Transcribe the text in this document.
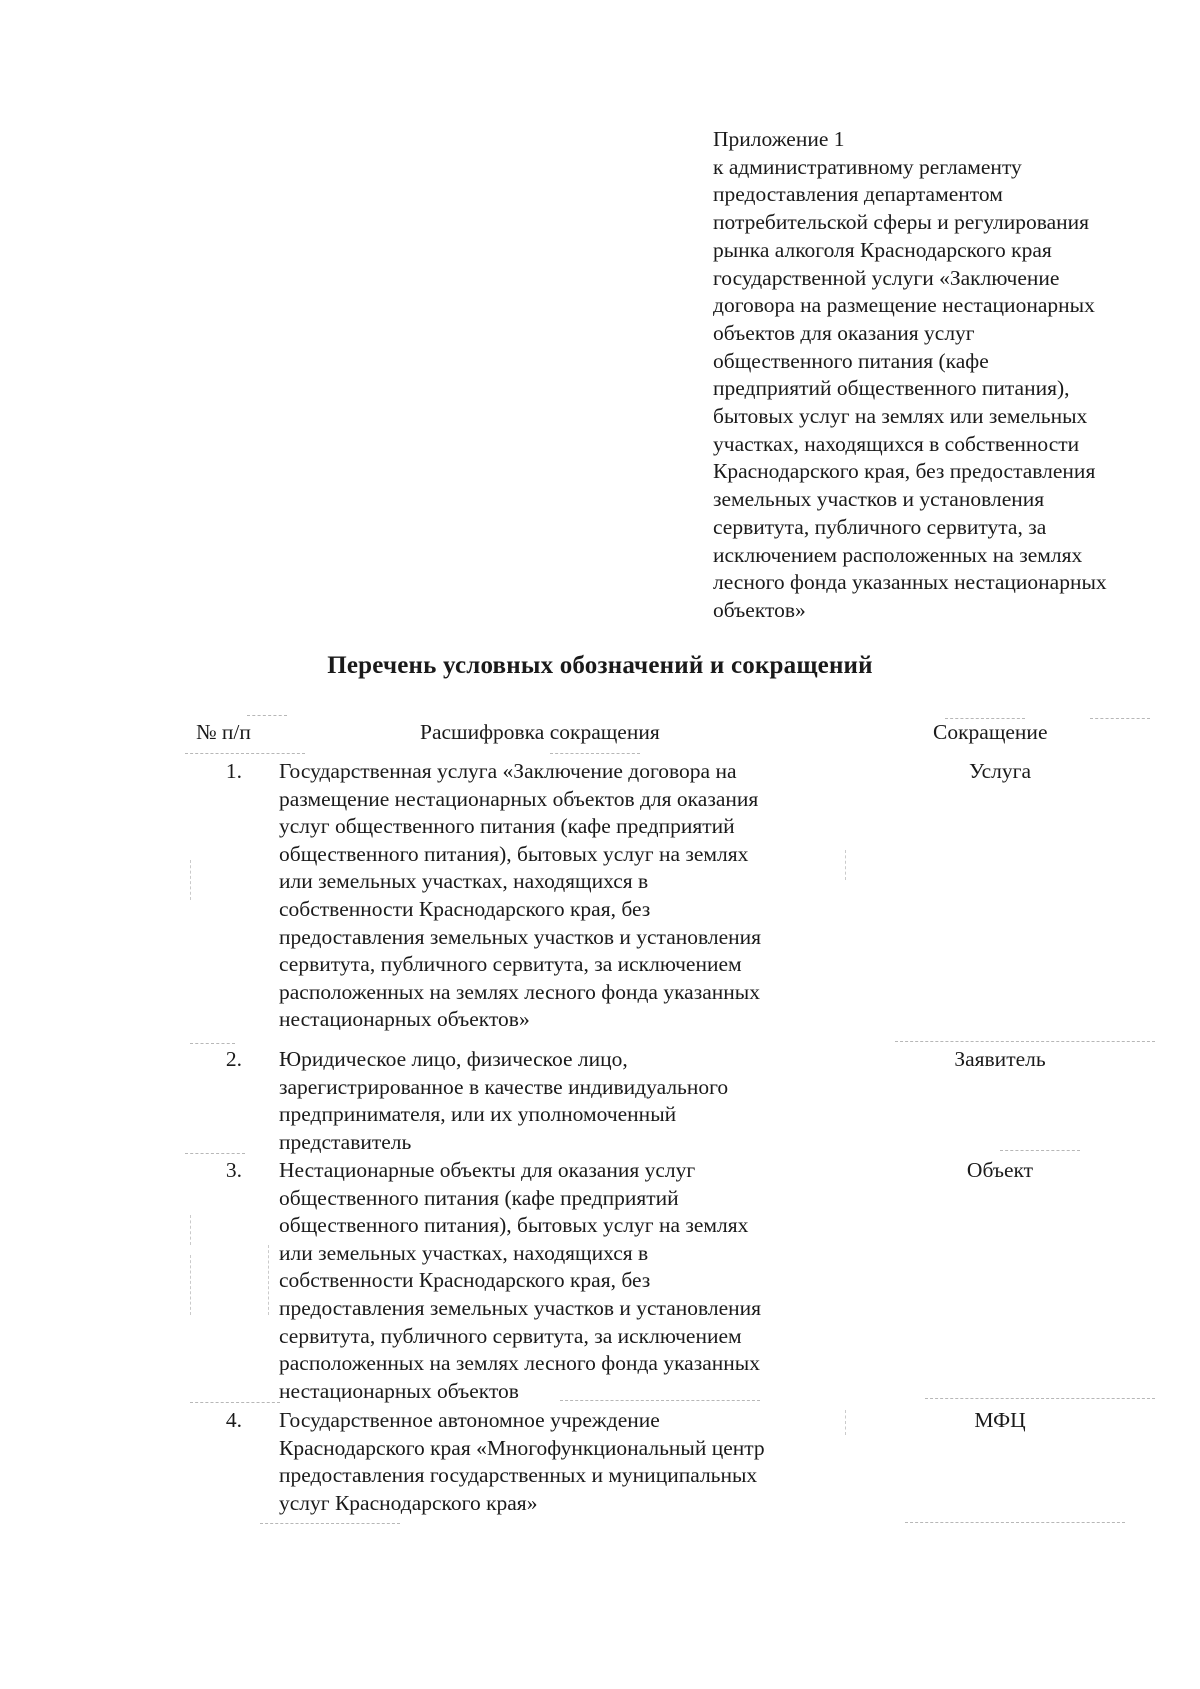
Приложение 1
к административному регламенту
предоставления департаментом
потребительской сферы и регулирования
рынка алкоголя Краснодарского края
государственной услуги «Заключение
договора на размещение нестационарных
объектов для оказания услуг
общественного питания (кафе
предприятий общественного питания),
бытовых услуг на землях или земельных
участках, находящихся в собственности
Краснодарского края, без предоставления
земельных участков и установления
сервитута, публичного сервитута, за
исключением расположенных на землях
лесного фонда указанных нестационарных
объектов»
Перечень условных обозначений и сокращений
№ п/п	Расшифровка сокращения	Сокращение
1. Государственная услуга «Заключение договора на
размещение нестационарных объектов для оказания
услуг общественного питания (кафе предприятий
общественного питания), бытовых услуг на землях
или земельных участках, находящихся в
собственности Краснодарского края, без
предоставления земельных участков и установления
сервитута, публичного сервитута, за исключением
расположенных на землях лесного фонда указанных
нестационарных объектов»
Услуга
2. Юридическое лицо, физическое лицо,
зарегистрированное в качестве индивидуального
предпринимателя, или их уполномоченный
представитель
Заявитель
3. Нестационарные объекты для оказания услуг
общественного питания (кафе предприятий
общественного питания), бытовых услуг на землях
или земельных участках, находящихся в
собственности Краснодарского края, без
предоставления земельных участков и установления
сервитута, публичного сервитута, за исключением
расположенных на землях лесного фонда указанных
нестационарных объектов
Объект
4. Государственное автономное учреждение
Краснодарского края «Многофункциональный центр
предоставления государственных и муниципальных
услуг Краснодарского края»
МФЦ
